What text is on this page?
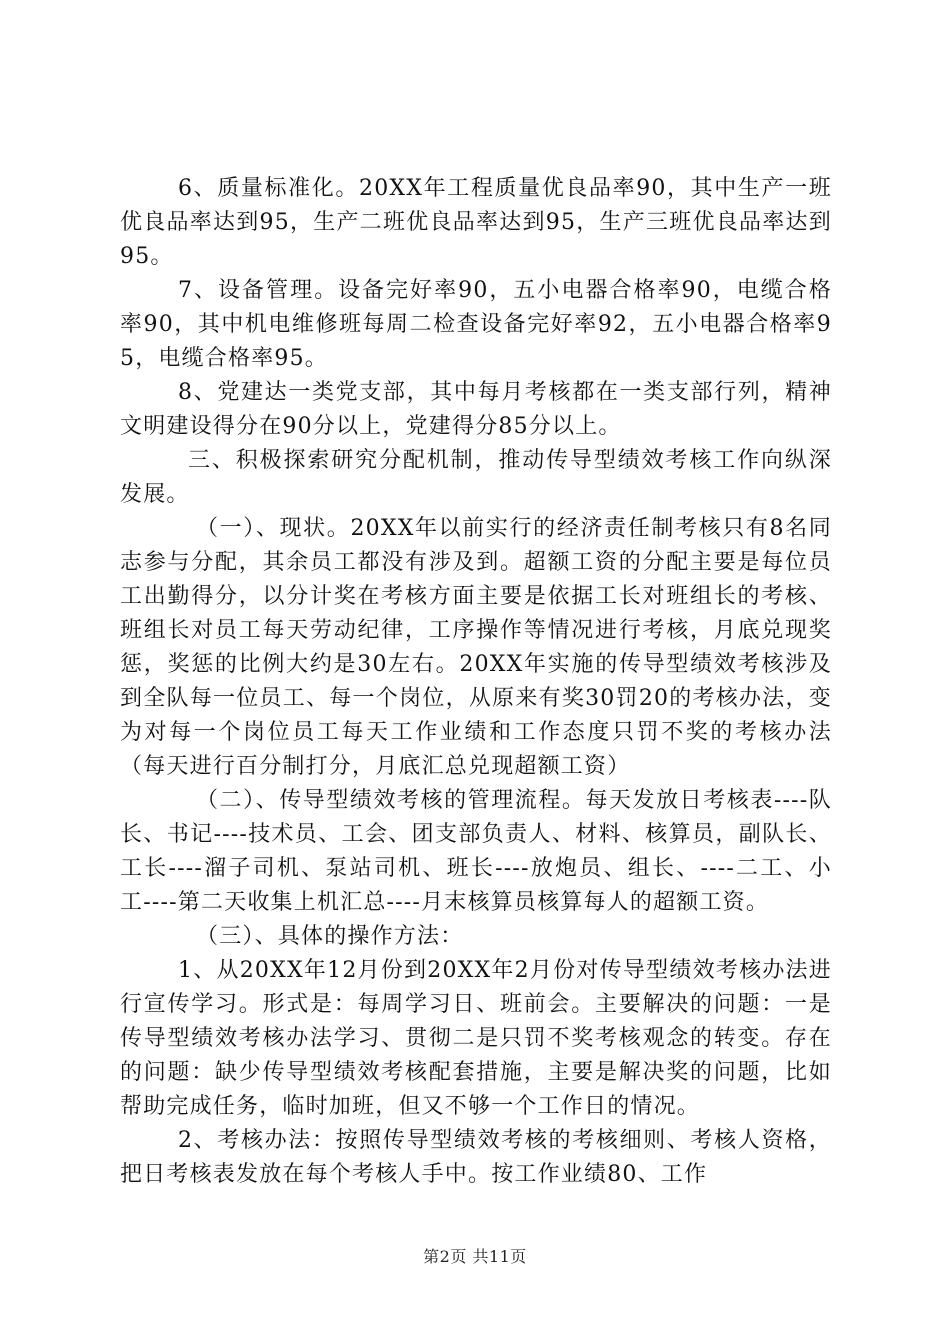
6、质量标准化。20XX年工程质量优良品率90，其中生产一班优良品率达到95，生产二班优良品率达到95，生产三班优良品率达到95。

7、设备管理。设备完好率90，五小电器合格率90，电缆合格率90，其中机电维修班每周二检查设备完好率92，五小电器合格率95，电缆合格率95。

8、党建达一类党支部，其中每月考核都在一类支部行列，精神文明建设得分在90分以上，党建得分85分以上。

三、积极探索研究分配机制，推动传导型绩效考核工作向纵深发展。

（一）、现状。20XX年以前实行的经济责任制考核只有8名同志参与分配，其余员工都没有涉及到。超额工资的分配主要是每位员工出勤得分，以分计奖在考核方面主要是依据工长对班组长的考核、班组长对员工每天劳动纪律，工序操作等情况进行考核，月底兑现奖惩，奖惩的比例大约是30左右。20XX年实施的传导型绩效考核涉及到全队每一位员工、每一个岗位，从原来有奖30罚20的考核办法，变为对每一个岗位员工每天工作业绩和工作态度只罚不奖的考核办法（每天进行百分制打分，月底汇总兑现超额工资）

（二）、传导型绩效考核的管理流程。每天发放日考核表----队长、书记----技术员、工会、团支部负责人、材料、核算员，副队长、工长----溜子司机、泵站司机、班长----放炮员、组长、----二工、小工----第二天收集上机汇总----月末核算员核算每人的超额工资。

（三）、具体的操作方法：

1、从20XX年12月份到20XX年2月份对传导型绩效考核办法进行宣传学习。形式是：每周学习日、班前会。主要解决的问题：一是传导型绩效考核办法学习、贯彻二是只罚不奖考核观念的转变。存在的问题：缺少传导型绩效考核配套措施，主要是解决奖的问题，比如帮助完成任务，临时加班，但又不够一个工作日的情况。

2、考核办法：按照传导型绩效考核的考核细则、考核人资格，把日考核表发放在每个考核人手中。按工作业绩80、工作

第2页 共11页
